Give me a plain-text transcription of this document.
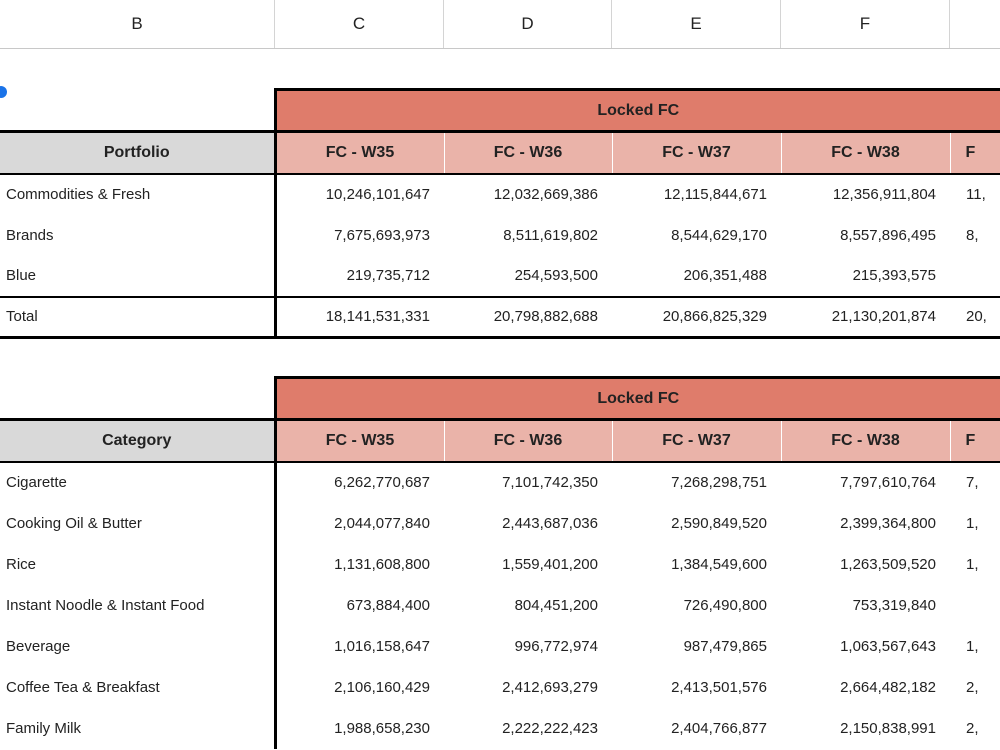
B	C	D	E	F
	Locked FC				
Portfolio	FC - W35	FC - W36	FC - W37	FC - W38	F
Commodities & Fresh	10,246,101,647	12,032,669,386	12,115,844,671	12,356,911,804	11,
Brands	7,675,693,973	8,511,619,802	8,544,629,170	8,557,896,495	8,
Blue	219,735,712	254,593,500	206,351,488	215,393,575	
Total	18,141,531,331	20,798,882,688	20,866,825,329	21,130,201,874	20,
	Locked FC				
Category	FC - W35	FC - W36	FC - W37	FC - W38	F
Cigarette	6,262,770,687	7,101,742,350	7,268,298,751	7,797,610,764	7,
Cooking Oil & Butter	2,044,077,840	2,443,687,036	2,590,849,520	2,399,364,800	1,
Rice	1,131,608,800	1,559,401,200	1,384,549,600	1,263,509,520	1,
Instant Noodle & Instant Food	673,884,400	804,451,200	726,490,800	753,319,840	
Beverage	1,016,158,647	996,772,974	987,479,865	1,063,567,643	1,
Coffee Tea & Breakfast	2,106,160,429	2,412,693,279	2,413,501,576	2,664,482,182	2,
Family Milk	1,988,658,230	2,222,222,423	2,404,766,877	2,150,838,991	2,
